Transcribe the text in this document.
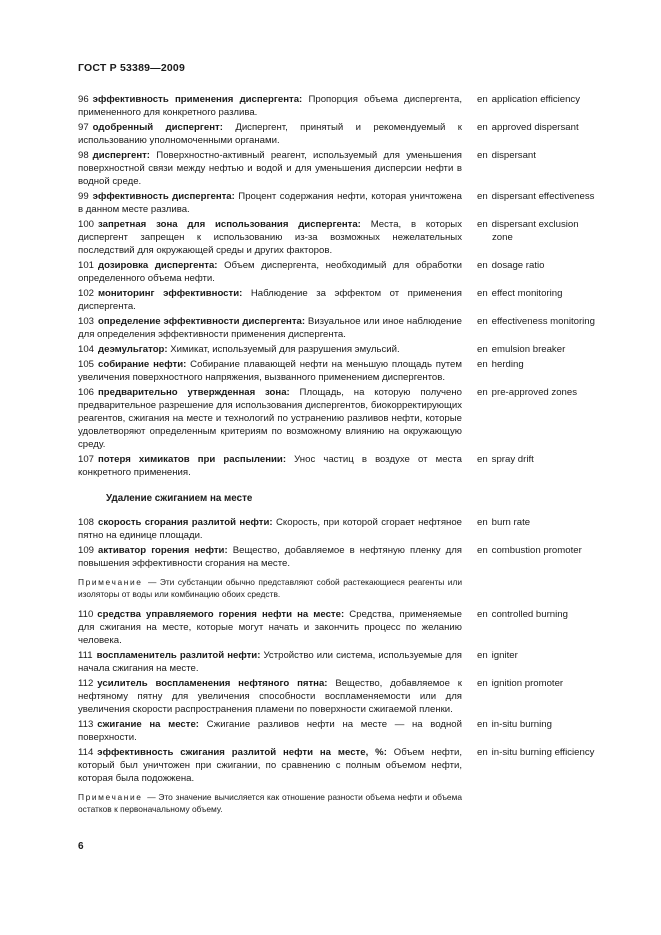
ГОСТ Р 53389—2009
96 эффективность применения диспергента: Пропорция объема диспергента, примененного для конкретного разлива.
en application efficiency
97 одобренный диспергент: Диспергент, принятый и рекомендуемый к использованию уполномоченными органами.
en approved dispersant
98 диспергент: Поверхностно-активный реагент, используемый для уменьшения поверхностной связи между нефтью и водой и для уменьшения дисперсии нефти в водной среде.
en dispersant
99 эффективность диспергента: Процент содержания нефти, которая уничтожена в данном месте разлива.
en dispersant effectiveness
100 запретная зона для использования диспергента: Места, в которых диспергент запрещен к использованию из-за возможных нежелательных последствий для окружающей среды и других факторов.
en dispersant exclusion
zone
101 дозировка диспергента: Объем диспергента, необходимый для обработки определенного объема нефти.
en dosage ratio
102 мониторинг эффективности: Наблюдение за эффектом от применения диспергента.
en effect monitoring
103 определение эффективности диспергента: Визуальное или иное наблюдение для определения эффективности применения диспергента.
en effectiveness monitoring
104 деэмульгатор: Химикат, используемый для разрушения эмульсий.	en emulsion breaker
105 собирание нефти: Собирание плавающей нефти на меньшую площадь путем увеличения поверхностного напряжения, вызванного применением диспергентов.
en herding
106 предварительно утвержденная зона: Площадь, на которую получено предварительное разрешение для использования диспергентов, биокорректирующих реагентов, сжигания на месте и технологий по устранению разливов нефти, которые удовлетворяют определенным критериям по возможному влиянию на окружающую среду.
en pre-approved zones
107 потеря химикатов при распылении: Унос частиц в воздухе от места конкретного применения.
en spray drift
Удаление сжиганием на месте
108 скорость сгорания разлитой нефти: Скорость, при которой сгорает нефтяное пятно на единице площади.
en burn rate
109 активатор горения нефти: Вещество, добавляемое в нефтяную пленку для повышения эффективности сгорания на месте.
en combustion promoter
Примечание — Эти субстанции обычно представляют собой растекающиеся реагенты или изоляторы от воды или комбинацию обоих средств.
110 средства управляемого горения нефти на месте: Средства, применяемые для сжигания на месте, которые могут начать и закончить процесс по желанию человека.
en controlled burning
111 воспламенитель разлитой нефти: Устройство или система, используемые для начала сжигания на месте.
en igniter
112 усилитель воспламенения нефтяного пятна: Вещество, добавляемое к нефтяному пятну для увеличения способности воспламеняемости или для увеличения скорости распространения пламени по поверхности сжигаемой пленки.
en ignition promoter
113 сжигание на месте: Сжигание разливов нефти на месте — на водной поверхности.
en in-situ burning
114 эффективность сжигания разлитой нефти на месте, %: Объем нефти, который был уничтожен при сжигании, по сравнению с полным объемом нефти, которая была подожжена.
en in-situ burning efficiency
Примечание — Это значение вычисляется как отношение разности объема нефти и объема остатков к первоначальному объему.
6
